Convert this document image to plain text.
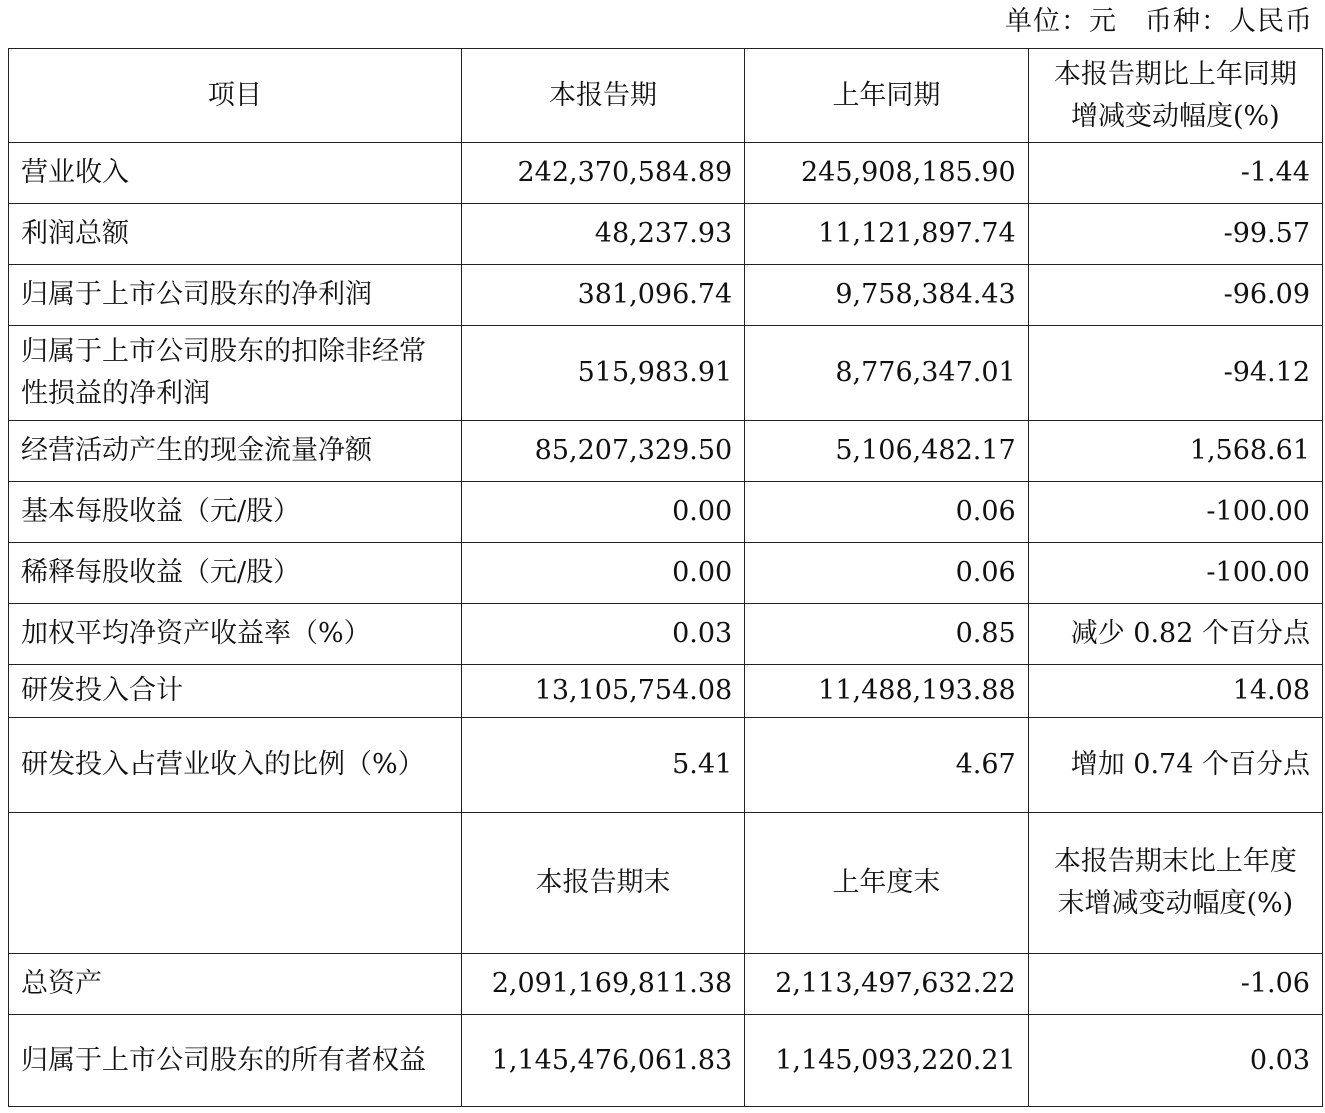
单位：元　币种：人民币
项目	本报告期	上年同期	本报告期比上年同期增减变动幅度(%)
营业收入	242,370,584.89	245,908,185.90	-1.44
利润总额	48,237.93	11,121,897.74	-99.57
归属于上市公司股东的净利润	381,096.74	9,758,384.43	-96.09
归属于上市公司股东的扣除非经常性损益的净利润	515,983.91	8,776,347.01	-94.12
经营活动产生的现金流量净额	85,207,329.50	5,106,482.17	1,568.61
基本每股收益（元/股）	0.00	0.06	-100.00
稀释每股收益（元/股）	0.00	0.06	-100.00
加权平均净资产收益率（%）	0.03	0.85	减少 0.82 个百分点
研发投入合计	13,105,754.08	11,488,193.88	14.08
研发投入占营业收入的比例（%）	5.41	4.67	增加 0.74 个百分点
	本报告期末	上年度末	本报告期末比上年度末增减变动幅度(%)
总资产	2,091,169,811.38	2,113,497,632.22	-1.06
归属于上市公司股东的所有者权益	1,145,476,061.83	1,145,093,220.21	0.03
